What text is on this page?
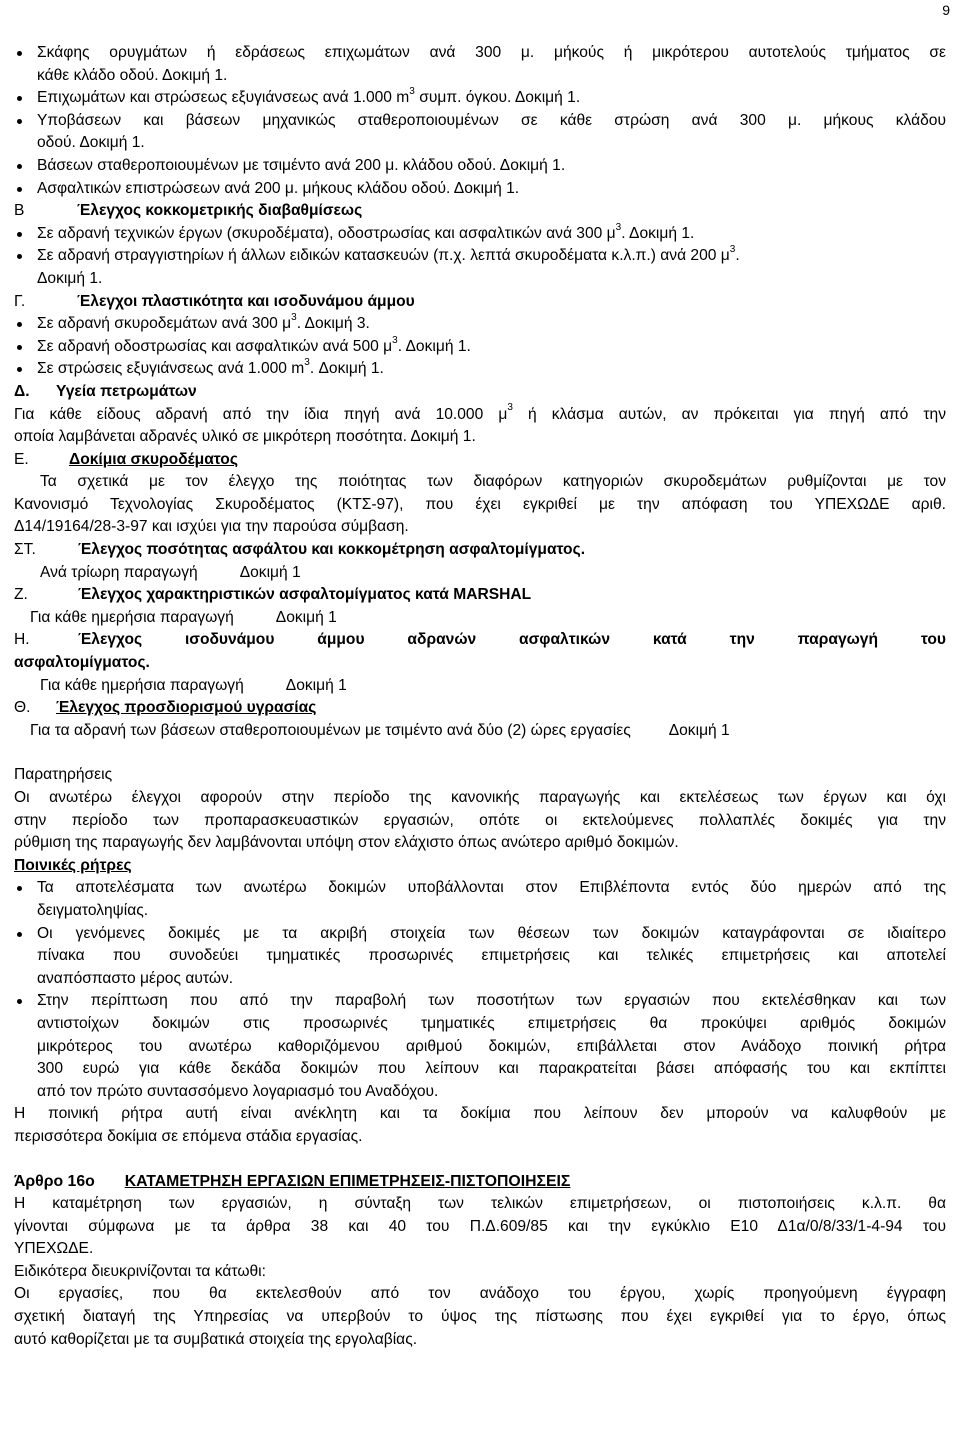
9

Σκάφης ορυγμάτων ή εδράσεως επιχωμάτων ανά 300 μ. μήκούς ή μικρότερου αυτοτελούς τμήματος σε

κάθε κλάδο οδού. Δοκιμή 1.

Επιχωμάτων και στρώσεως εξυγιάνσεως ανά 1.000 $m^3$ συμπ. όγκου. Δοκιμή 1.

Υποβάσεων και βάσεων μηχανικώς σταθεροποιουμένων σε κάθε στρώση ανά 300 μ. μήκους κλάδου

οδού. Δοκιμή 1.

Βάσεων σταθεροποιουμένων με τσιμέντο ανά 200 μ. κλάδου οδού. Δοκιμή 1.

Ασφαλτικών επιστρώσεων ανά 200 μ. μήκους κλάδου οδού. Δοκιμή 1.

Β	Έλεγχος κοκκομετρικής διαβαθμίσεως

Σε αδρανή τεχνικών έργων (σκυροδέματα), οδοστρωσίας και ασφαλτικών ανά 300 $\mu^3$. Δοκιμή 1.

Σε αδρανή στραγγιστηρίων ή άλλων ειδικών κατασκευών (π.χ. λεπτά σκυροδέματα κ.λ.π.) ανά 200 $\mu^3$.

Δοκιμή 1.

Γ.	Έλεγχοι πλαστικότητα και ισοδυνάμου άμμου

Σε αδρανή σκυροδεμάτων ανά 300 $\mu^3$. Δοκιμή 3.

Σε αδρανή οδοστρωσίας και ασφαλτικών ανά 500 $\mu^3$. Δοκιμή 1.

Σε στρώσεις εξυγιάνσεως ανά 1.000 $m^3$. Δοκιμή 1.

Δ.	Υγεία πετρωμάτων

Για κάθε είδους αδρανή από την ίδια πηγή ανά 10.000 $\mu^3$ ή κλάσμα αυτών, αν πρόκειται για πηγή από την

οποία λαμβάνεται αδρανές υλικό σε μικρότερη ποσότητα. Δοκιμή 1.

Ε.	Δοκίμια σκυροδέματος

Τα σχετικά με τον έλεγχο της ποιότητας των διαφόρων κατηγοριών σκυροδεμάτων ρυθμίζονται με τον

Κανονισμό Τεχνολογίας Σκυροδέματος (ΚΤΣ-97), που έχει εγκριθεί με την απόφαση του ΥΠΕΧΩΔΕ αριθ.

Δ14/19164/28-3-97 και ισχύει για την παρούσα σύμβαση.

ΣΤ.	Έλεγχος ποσότητας ασφάλτου και κοκκομέτρηση ασφαλτομίγματος.

Ανά τρίωρη παραγωγή	Δοκιμή 1

Ζ.	Έλεγχος χαρακτηριστικών ασφαλτομίγματος κατά MARSHAL

Για κάθε ημερήσια παραγωγή	Δοκιμή 1

Η.	Έλεγχος ισοδυνάμου άμμου αδρανών ασφαλτικών κατά την παραγωγή του

ασφαλτομίγματος.

Για κάθε ημερήσια παραγωγή	Δοκιμή 1

Θ.	Έλεγχος προσδιορισμού υγρασίας

Για τα αδρανή των βάσεων σταθεροποιουμένων με τσιμέντο ανά δύο (2) ώρες εργασίες Δοκιμή 1

Παρατηρήσεις

Οι ανωτέρω έλεγχοι αφορούν στην περίοδο της κανονικής παραγωγής και εκτελέσεως των έργων και όχι

στην περίοδο των προπαρασκευαστικών εργασιών, οπότε οι εκτελούμενες πολλαπλές δοκιμές για την

ρύθμιση της παραγωγής δεν λαμβάνονται υπόψη στον ελάχιστο όπως ανώτερο αριθμό δοκιμών.

Ποινικές ρήτρες

Τα αποτελέσματα των ανωτέρω δοκιμών υποβάλλονται στον Επιβλέποντα εντός δύο ημερών από της

δειγματοληψίας.

Οι γενόμενες δοκιμές με τα ακριβή στοιχεία των θέσεων των δοκιμών καταγράφονται σε ιδιαίτερο

πίνακα που συνοδεύει τμηματικές προσωρινές επιμετρήσεις και τελικές επιμετρήσεις και αποτελεί

αναπόσπαστο μέρος αυτών.

Στην περίπτωση που από την παραβολή των ποσοτήτων των εργασιών που εκτελέσθηκαν και των

αντιστοίχων δοκιμών στις προσωρινές τμηματικές επιμετρήσεις θα προκύψει αριθμός δοκιμών

μικρότερος του ανωτέρω καθοριζόμενου αριθμού δοκιμών, επιβάλλεται στον Ανάδοχο ποινική ρήτρα

300 ευρώ για κάθε δεκάδα δοκιμών που λείπουν και παρακρατείται βάσει απόφασής του και εκπίπτει

από τον πρώτο συντασσόμενο λογαριασμό του Αναδόχου.

Η ποινική ρήτρα αυτή είναι ανέκλητη και τα δοκίμια που λείπουν δεν μπορούν να καλυφθούν με

περισσότερα δοκίμια σε επόμενα στάδια εργασίας.

Άρθρο 16ο ΚΑΤΑΜΕΤΡΗΣΗ ΕΡΓΑΣΙΩΝ ΕΠΙΜΕΤΡΗΣΕΙΣ-ΠΙΣΤΟΠΟΙΗΣΕΙΣ

Η καταμέτρηση των εργασιών, η σύνταξη των τελικών επιμετρήσεων, οι πιστοποιήσεις κ.λ.π. θα

γίνονται σύμφωνα με τα άρθρα 38 και 40 του Π.Δ.609/85 και την εγκύκλιο Ε10 Δ1α/0/8/33/1-4-94 του

ΥΠΕΧΩΔΕ.

Ειδικότερα διευκρινίζονται τα κάτωθι:

Οι εργασίες, που θα εκτελεσθούν από τον ανάδοχο του έργου, χωρίς προηγούμενη έγγραφη

σχετική διαταγή της Υπηρεσίας να υπερβούν το ύψος της πίστωσης που έχει εγκριθεί για το έργο, όπως

αυτό καθορίζεται με τα συμβατικά στοιχεία της εργολαβίας.
